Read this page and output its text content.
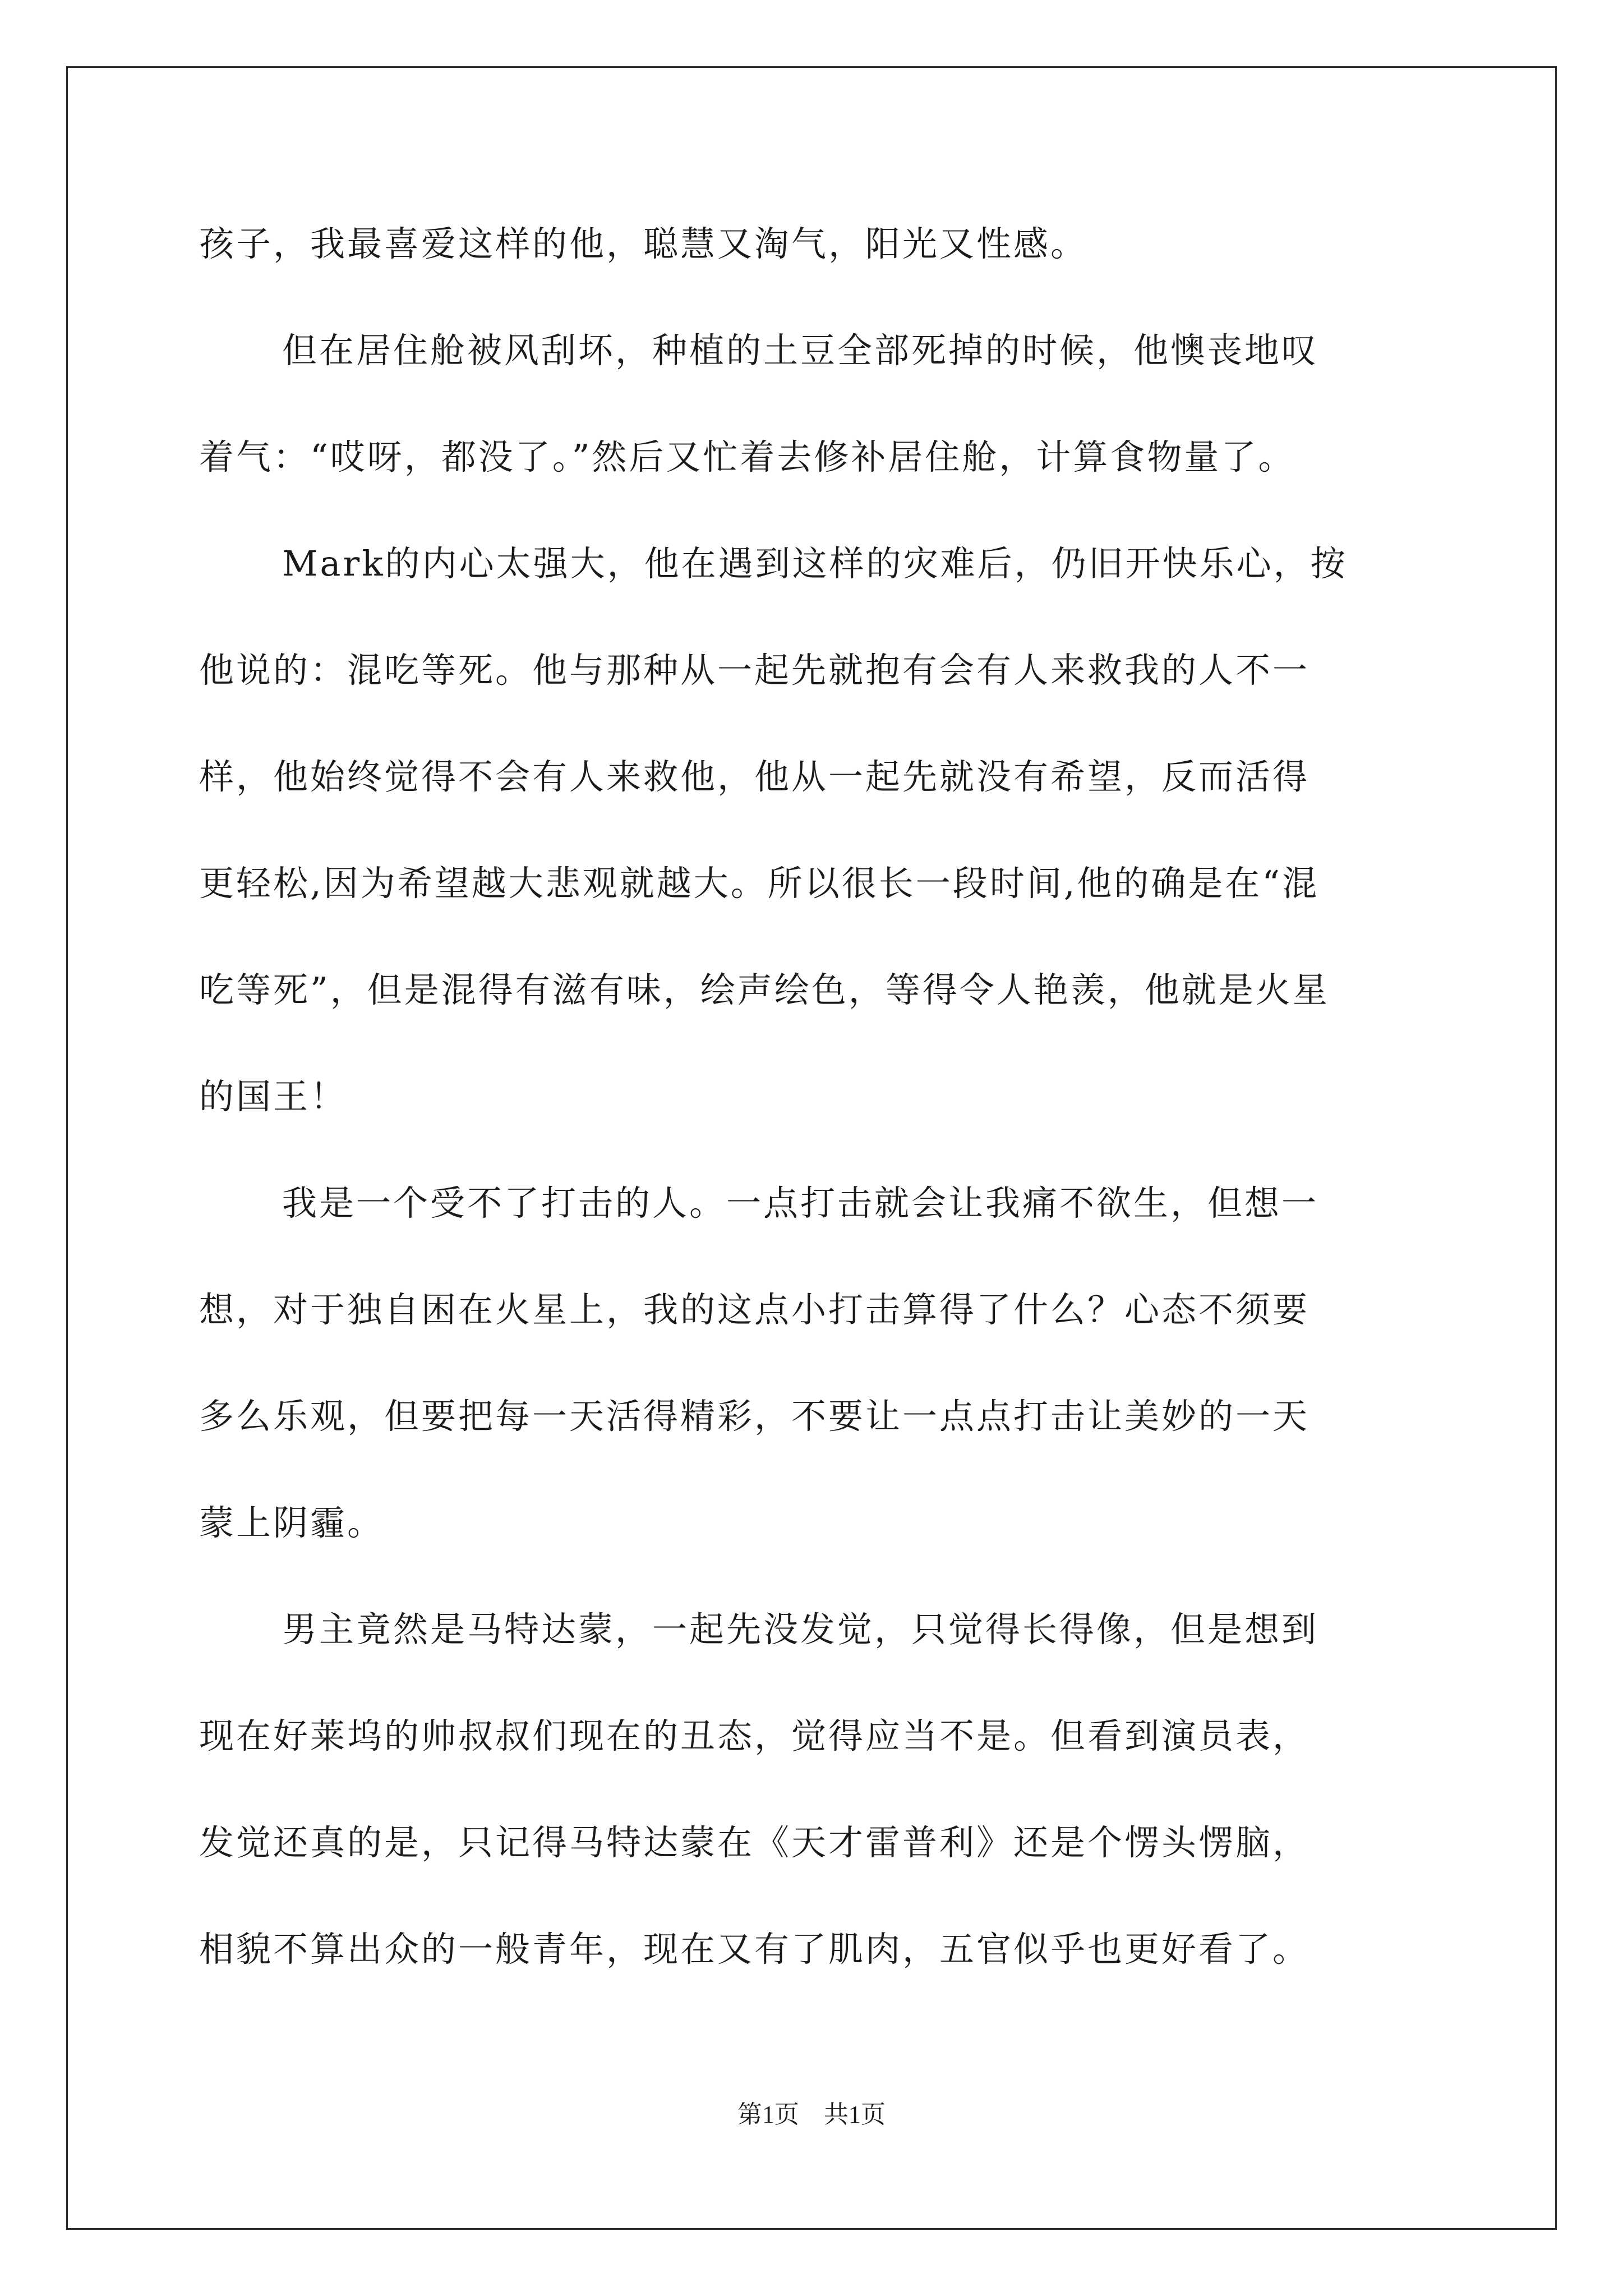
孩子，我最喜爱这样的他，聪慧又淘气，阳光又性感。
但在居住舱被风刮坏，种植的土豆全部死掉的时候，他懊丧地叹
着气：“哎呀，都没了。”然后又忙着去修补居住舱，计算食物量了。
Mark的内心太强大，他在遇到这样的灾难后，仍旧开快乐心，按
他说的：混吃等死。他与那种从一起先就抱有会有人来救我的人不一
样，他始终觉得不会有人来救他，他从一起先就没有希望，反而活得
更轻松,因为希望越大悲观就越大。所以很长一段时间,他的确是在“混
吃等死”，但是混得有滋有味，绘声绘色，等得令人艳羡，他就是火星
的国王！
我是一个受不了打击的人。一点打击就会让我痛不欲生，但想一
想，对于独自困在火星上，我的这点小打击算得了什么？心态不须要
多么乐观，但要把每一天活得精彩，不要让一点点打击让美妙的一天
蒙上阴霾。
男主竟然是马特达蒙，一起先没发觉，只觉得长得像，但是想到
现在好莱坞的帅叔叔们现在的丑态，觉得应当不是。但看到演员表，
发觉还真的是，只记得马特达蒙在《天才雷普利》还是个愣头愣脑，
相貌不算出众的一般青年，现在又有了肌肉，五官似乎也更好看了。
第1页　共1页
